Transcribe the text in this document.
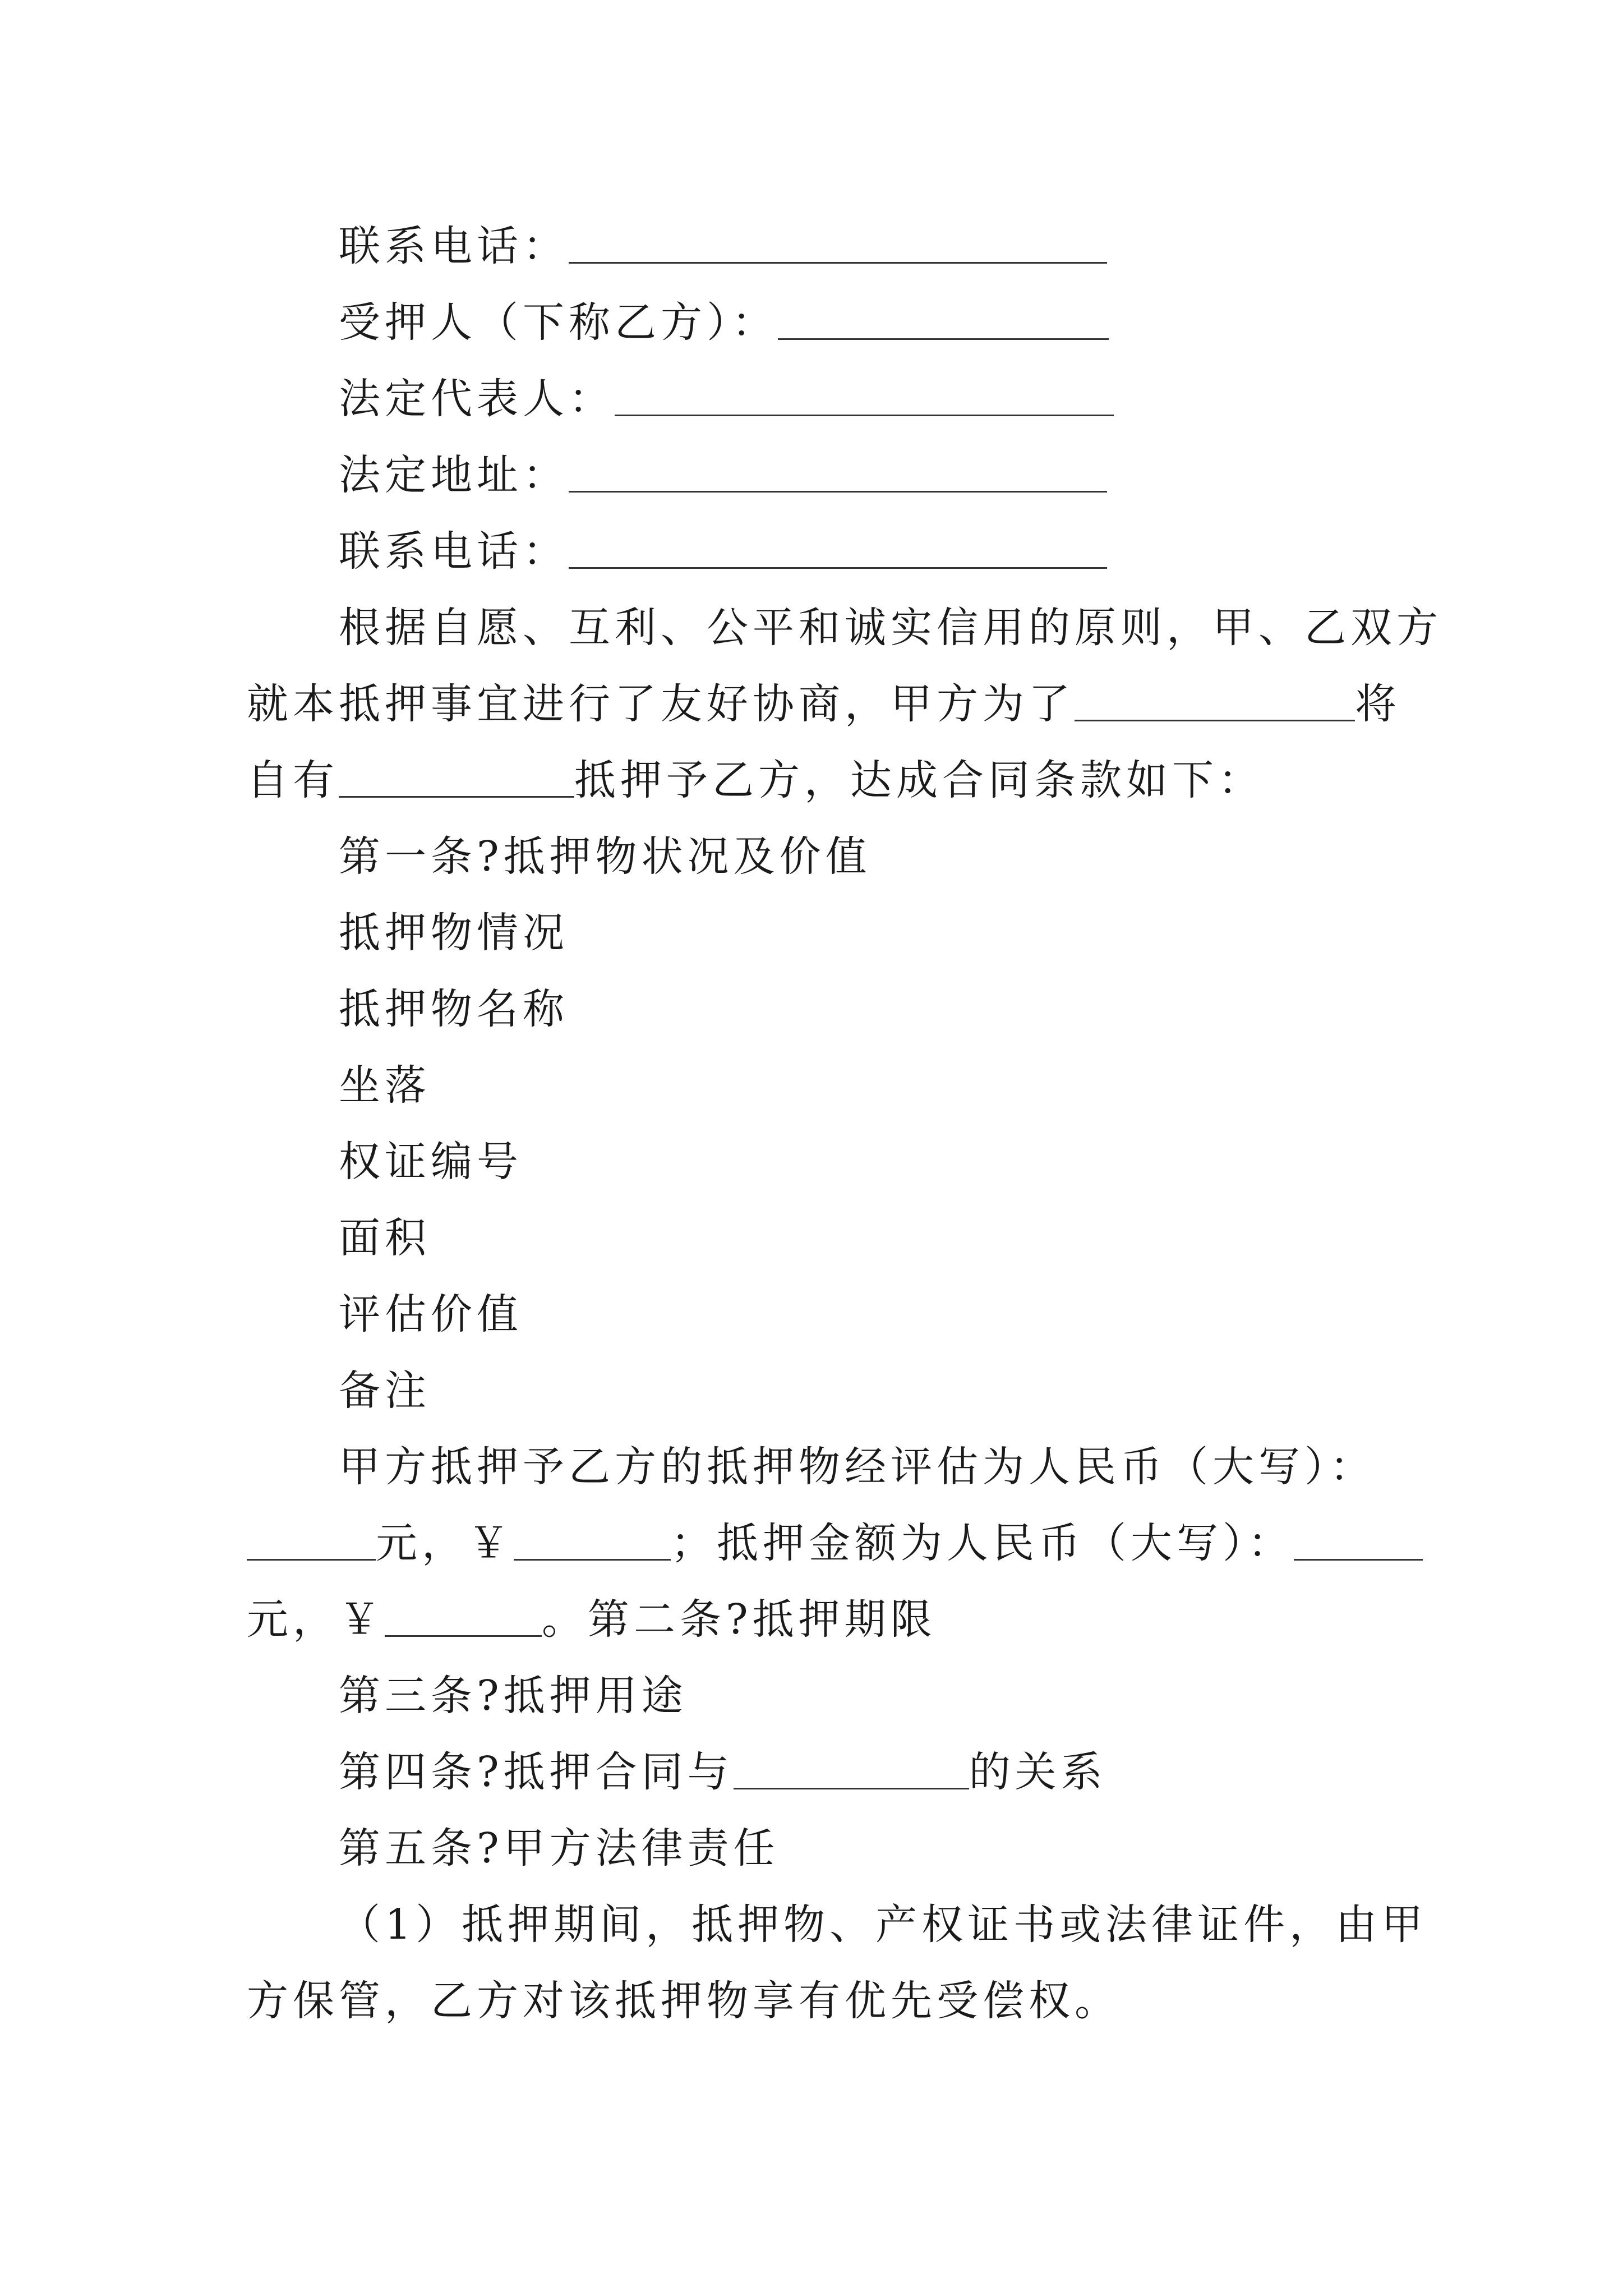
联系电话：
受押人（下称乙方）：
法定代表人：
法定地址：
联系电话：
根据自愿、互利、公平和诚实信用的原则，甲、乙双方
就本抵押事宜进行了友好协商，甲方为了	将
自有	抵押予乙方，达成合同条款如下：
第一条?抵押物状况及价值
抵押物情况
抵押物名称
坐落
权证编号
面积
评估价值
备注
甲方抵押予乙方的抵押物经评估为人民币（大写）：
元，￥	；抵押金额为人民币（大写）：
元，￥	。第二条?抵押期限
第三条?抵押用途
第四条?抵押合同与	的关系
第五条?甲方法律责任
（1）抵押期间，抵押物、产权证书或法律证件，由甲
方保管，乙方对该抵押物享有优先受偿权。
